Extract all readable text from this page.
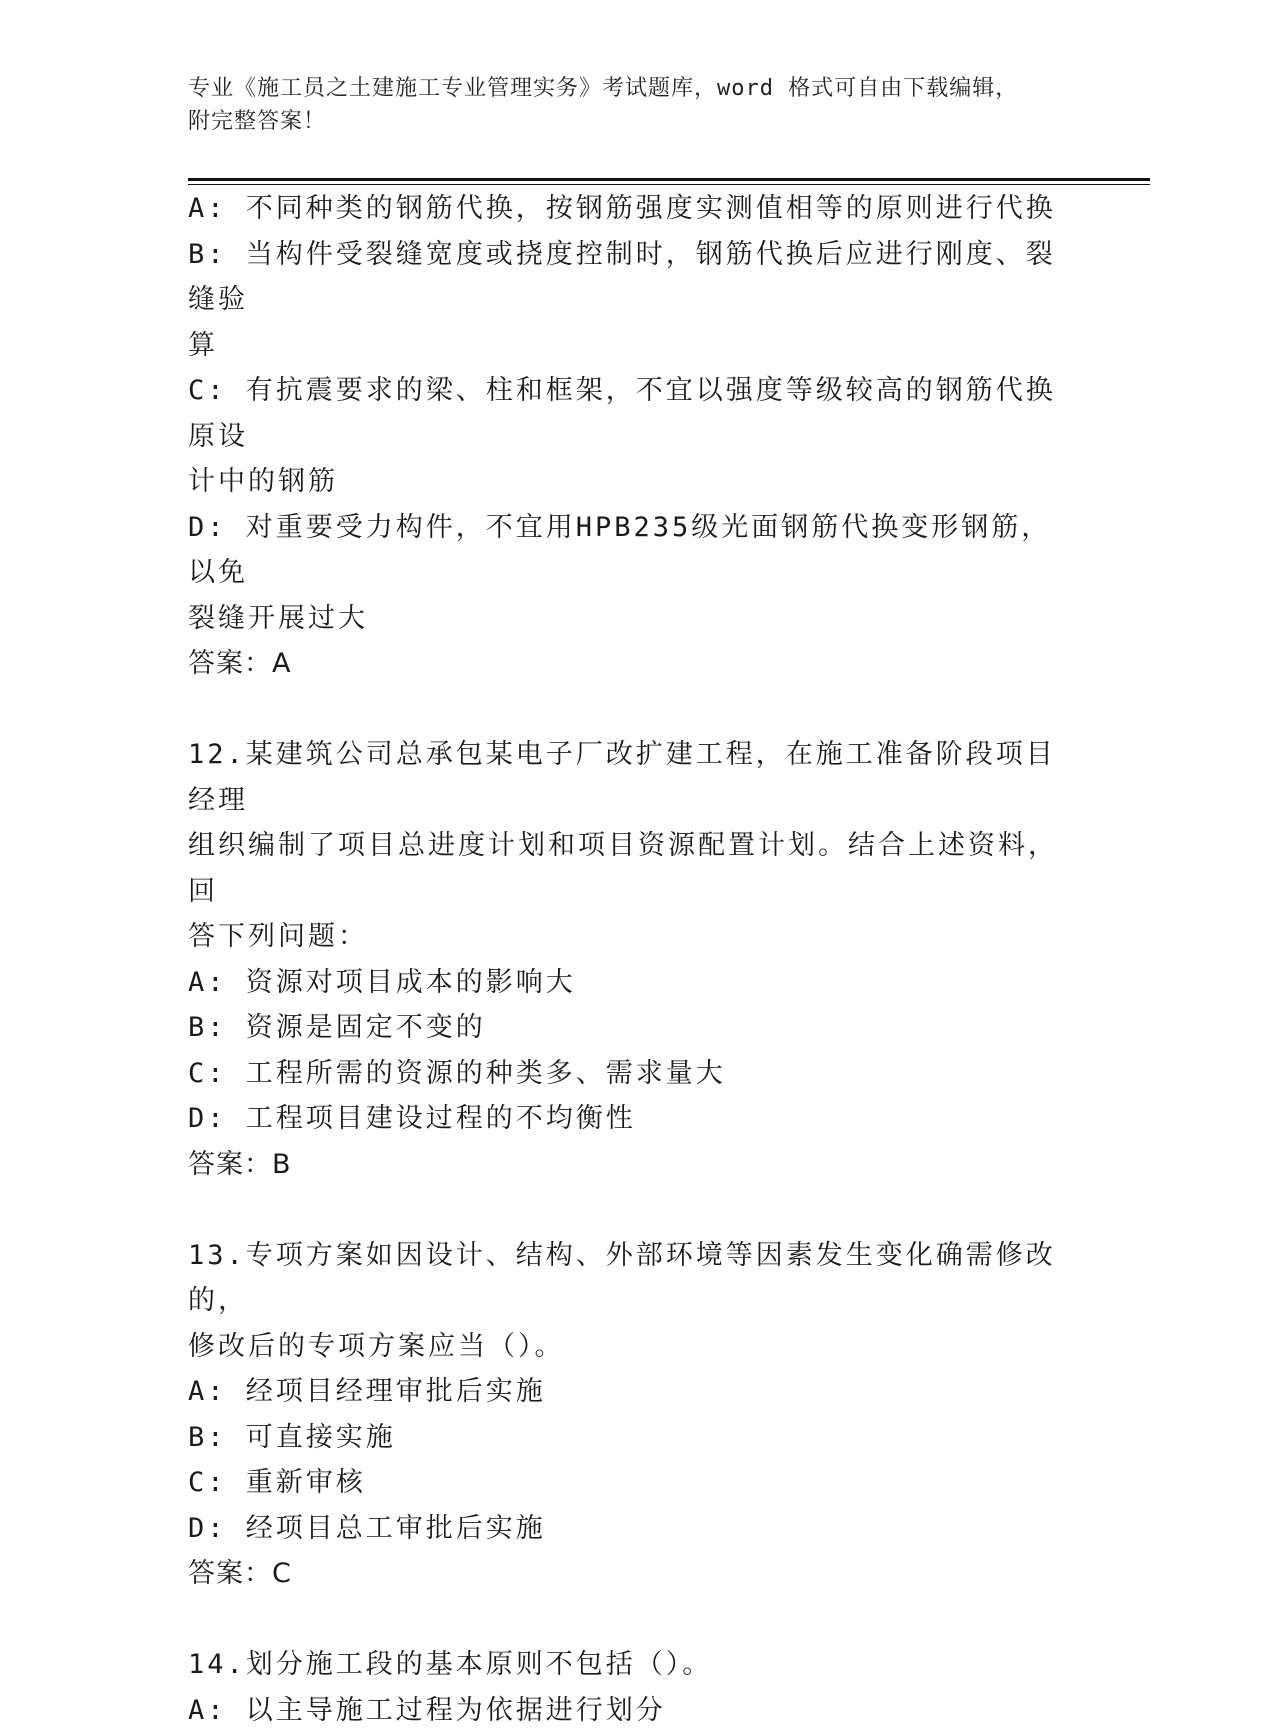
专业《施工员之土建施工专业管理实务》考试题库，word 格式可自由下载编辑，
附完整答案！
A: 不同种类的钢筋代换，按钢筋强度实测值相等的原则进行代换
B: 当构件受裂缝宽度或挠度控制时，钢筋代换后应进行刚度、裂缝验
算
C: 有抗震要求的梁、柱和框架，不宜以强度等级较高的钢筋代换原设
计中的钢筋
D: 对重要受力构件，不宜用HPB235级光面钢筋代换变形钢筋，以免
裂缝开展过大
答案：A
12.某建筑公司总承包某电子厂改扩建工程，在施工准备阶段项目经理
组织编制了项目总进度计划和项目资源配置计划。结合上述资料，回
答下列问题：
A: 资源对项目成本的影响大
B: 资源是固定不变的
C: 工程所需的资源的种类多、需求量大
D: 工程项目建设过程的不均衡性
答案：B
13.专项方案如因设计、结构、外部环境等因素发生变化确需修改的，
修改后的专项方案应当（）。
A: 经项目经理审批后实施
B: 可直接实施
C: 重新审核
D: 经项目总工审批后实施
答案：C
14.划分施工段的基本原则不包括（）。
A: 以主导施工过程为依据进行划分
